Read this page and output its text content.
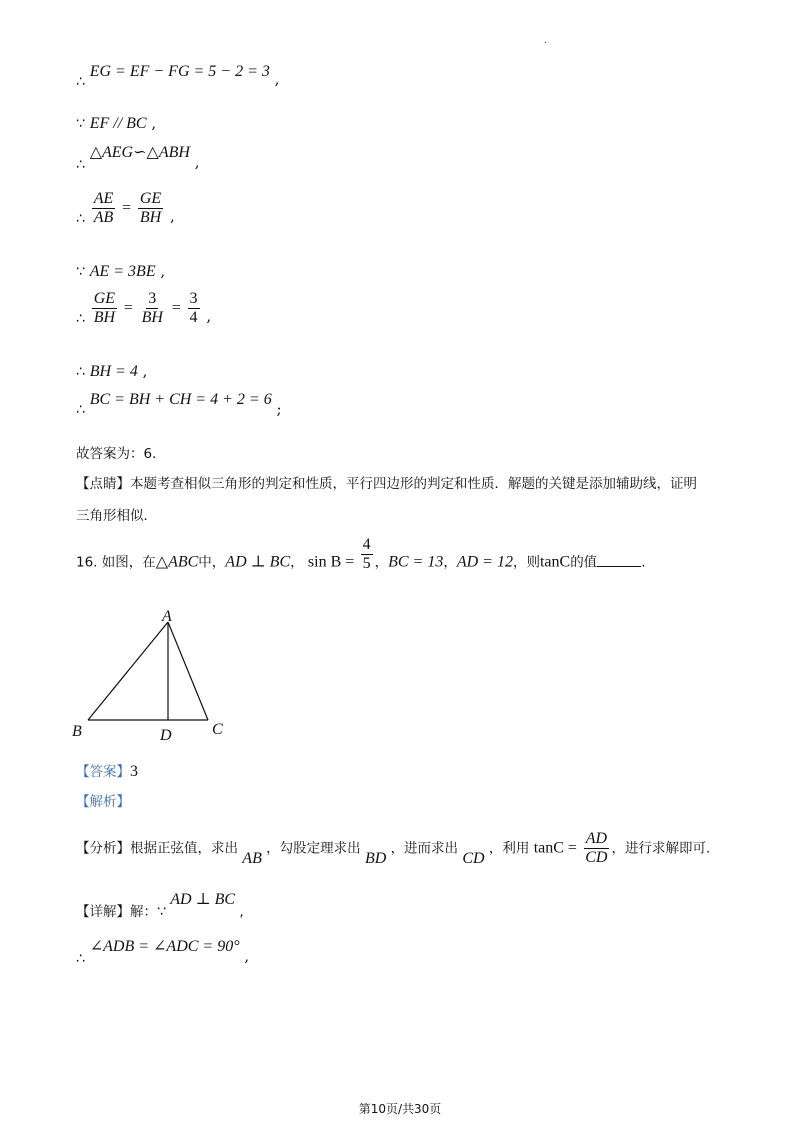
.
∴ EG = EF − FG = 5 − 2 = 3 ,
∵ EF // BC ,
∴ △AEG∽△ABH ,
∴ $\frac{AE}{AB} = \frac{GE}{BH}$ ,
∵ AE = 3BE ,
∴ $\frac{GE}{BH} = \frac{3}{BH} = \frac{3}{4}$ ,
∴ BH = 4 ,
∴ BC = BH + CH = 4 + 2 = 6 ;
故答案为：6．
【点睛】本题考查相似三角形的判定和性质，平行四边形的判定和性质．解题的关键是添加辅助线，证明
三角形相似．
16. 如图，在△ABC中，AD ⊥ BC， $\sin B = \frac{4}{5}$ ，BC = 13，AD = 12，则tanC的值	.
A
B	C
D
【答案】3
【解析】
【分析】根据正弦值，求出 AB ，勾股定理求出 BD ，进而求出 CD ，利用 $\tan C = \frac{AD}{CD}$ ，进行求解即可.
【详解】解：∵ AD ⊥ BC ,
∴ ∠ADB = ∠ADC = 90° ,
第10页/共30页
